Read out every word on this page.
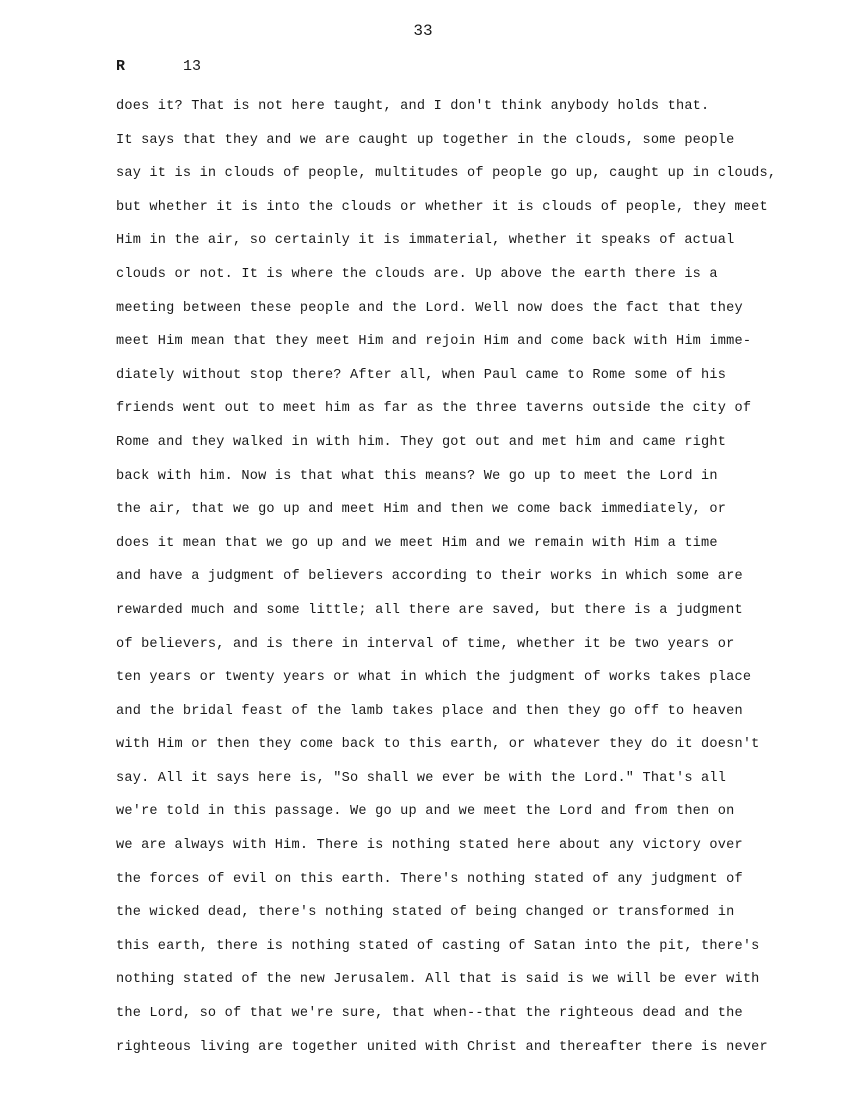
33
R	13
does it? That is not here taught, and I don't think anybody holds that.
It says that they and we are caught up together in the clouds, some people
say it is in clouds of people, multitudes of people go up, caught up in clouds,
but whether it is into the clouds or whether it is clouds of people, they meet
Him in the air, so certainly it is immaterial, whether it speaks of actual
clouds or not. It is where the clouds are. Up above the earth there is a
meeting between these people and the Lord. Well now does the fact that they
meet Him mean that they meet Him and rejoin Him and come back with Him imme-
diately without stop there? After all, when Paul came to Rome some of his
friends went out to meet him as far as the three taverns outside the city of
Rome and they walked in with him. They got out and met him and came right
back with him. Now is that what this means? We go up to meet the Lord in
the air, that we go up and meet Him and then we come back immediately, or
does it mean that we go up and we meet Him and we remain with Him a time
and have a judgment of believers according to their works in which some are
rewarded much and some little; all there are saved, but there is a judgment
of believers, and is there in interval of time, whether it be two years or
ten years or twenty years or what in which the judgment of works takes place
and the bridal feast of the lamb takes place and then they go off to heaven
with Him or then they come back to this earth, or whatever they do it doesn't
say. All it says here is, "So shall we ever be with the Lord." That's all
we're told in this passage. We go up and we meet the Lord and from then on
we are always with Him. There is nothing stated here about any victory over
the forces of evil on this earth. There's nothing stated of any judgment of
the wicked dead, there's nothing stated of being changed or transformed in
this earth, there is nothing stated of casting of Satan into the pit, there's
nothing stated of the new Jerusalem. All that is said is we will be ever with
the Lord, so of that we're sure, that when--that the righteous dead and the
righteous living are together united with Christ and thereafter there is never
